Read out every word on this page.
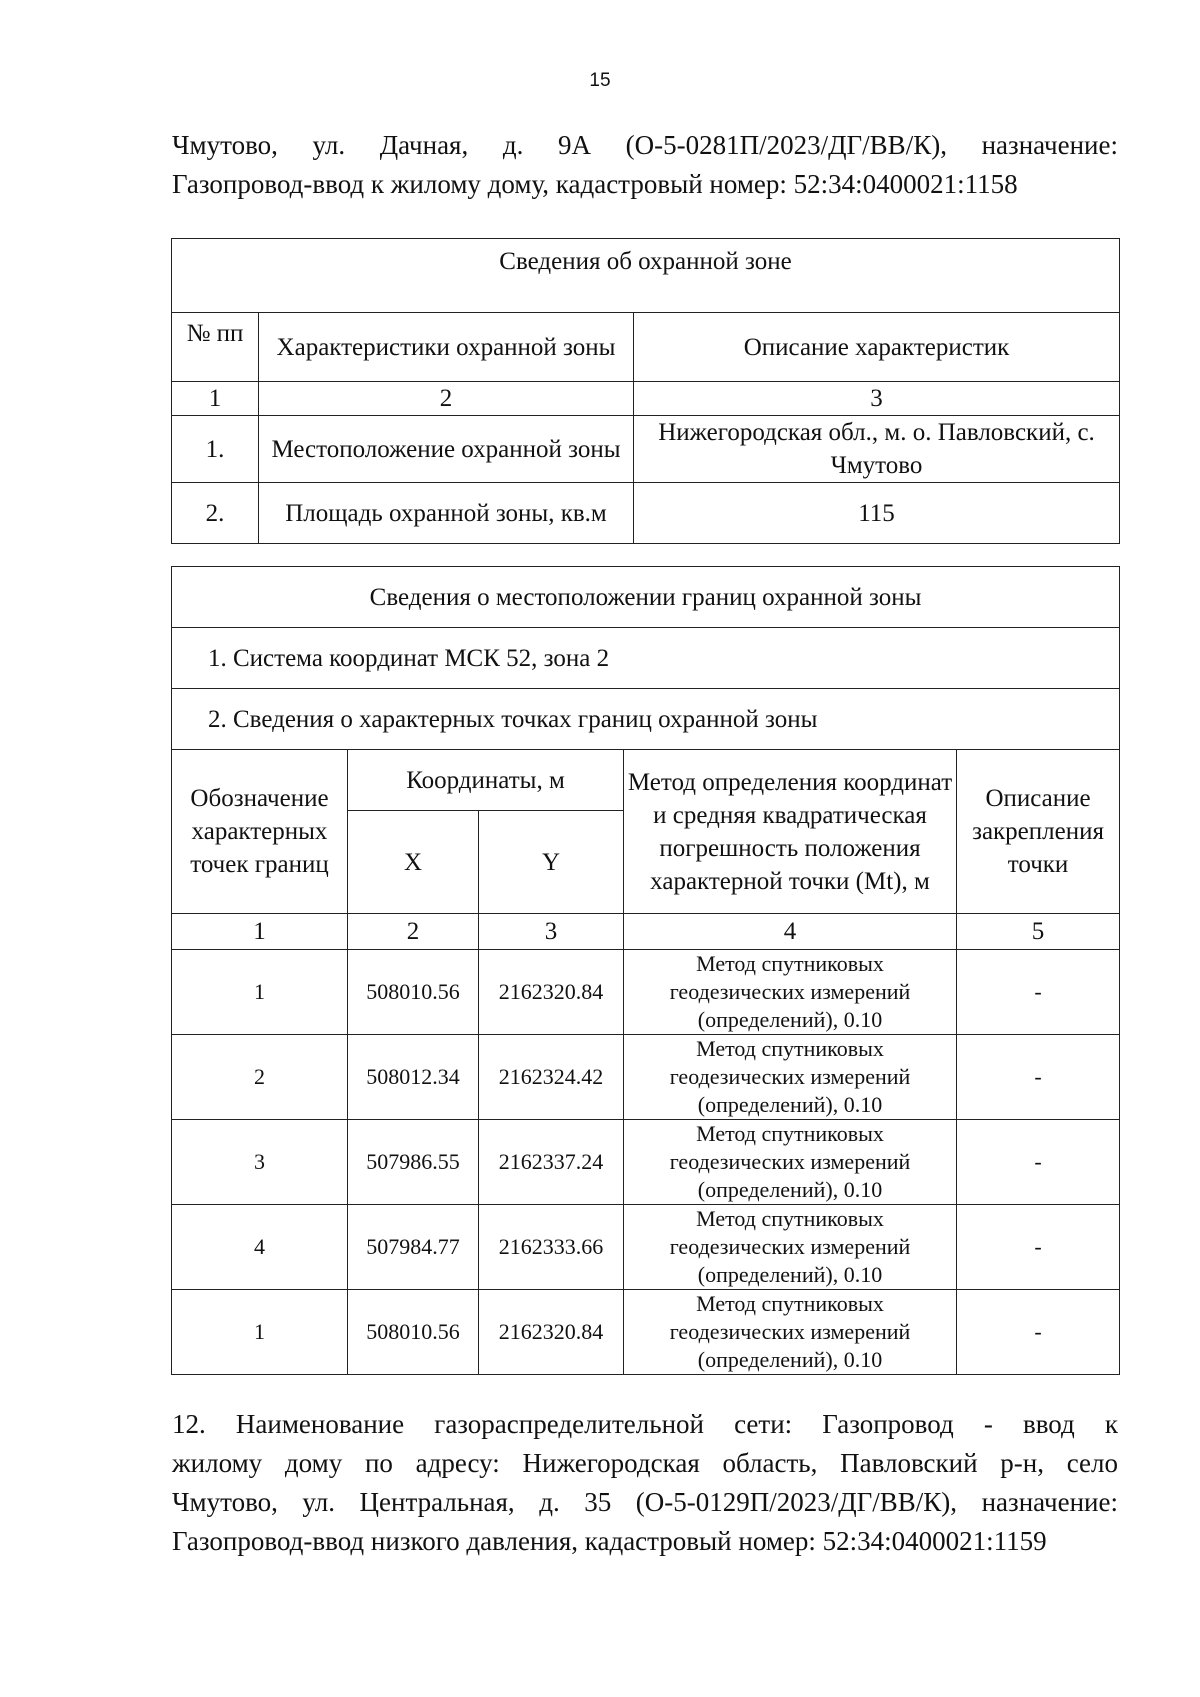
15

Чмутово, ул. Дачная, д. 9А (О-5-0281П/2023/ДГ/ВВ/К), назначение:
Газопровод-ввод к жилому дому, кадастровый номер: 52:34:0400021:1158

Сведения об охранной зоне		
№ пп	Характеристики охранной зоны	Описание характеристик
1	2	3
1.	Местоположение охранной зоны	Нижегородская обл., м. о. Павловский, с. Чмутово
2.	Площадь охранной зоны, кв.м	115
Сведения о местоположении границ охранной зоны				
1. Система координат МСК 52, зона 2				
2. Сведения о характерных точках границ охранной зоны				
Обозначение характерных точек границ	Координаты, м		Метод определения координат и средняя квадратическая погрешность положения характерной точки (Mt), м	Описание закрепления точки
	X	Y		
1	2	3	4	5
1	508010.56	2162320.84	Метод спутниковых геодезических измерений (определений), 0.10	-
2	508012.34	2162324.42	Метод спутниковых геодезических измерений (определений), 0.10	-
3	507986.55	2162337.24	Метод спутниковых геодезических измерений (определений), 0.10	-
4	507984.77	2162333.66	Метод спутниковых геодезических измерений (определений), 0.10	-
1	508010.56	2162320.84	Метод спутниковых геодезических измерений (определений), 0.10	-

12. Наименование газораспределительной сети: Газопровод - ввод к
жилому дому по адресу: Нижегородская область, Павловский р-н, село
Чмутово, ул. Центральная, д. 35 (О-5-0129П/2023/ДГ/ВВ/К), назначение:
Газопровод-ввод низкого давления, кадастровый номер: 52:34:0400021:1159
